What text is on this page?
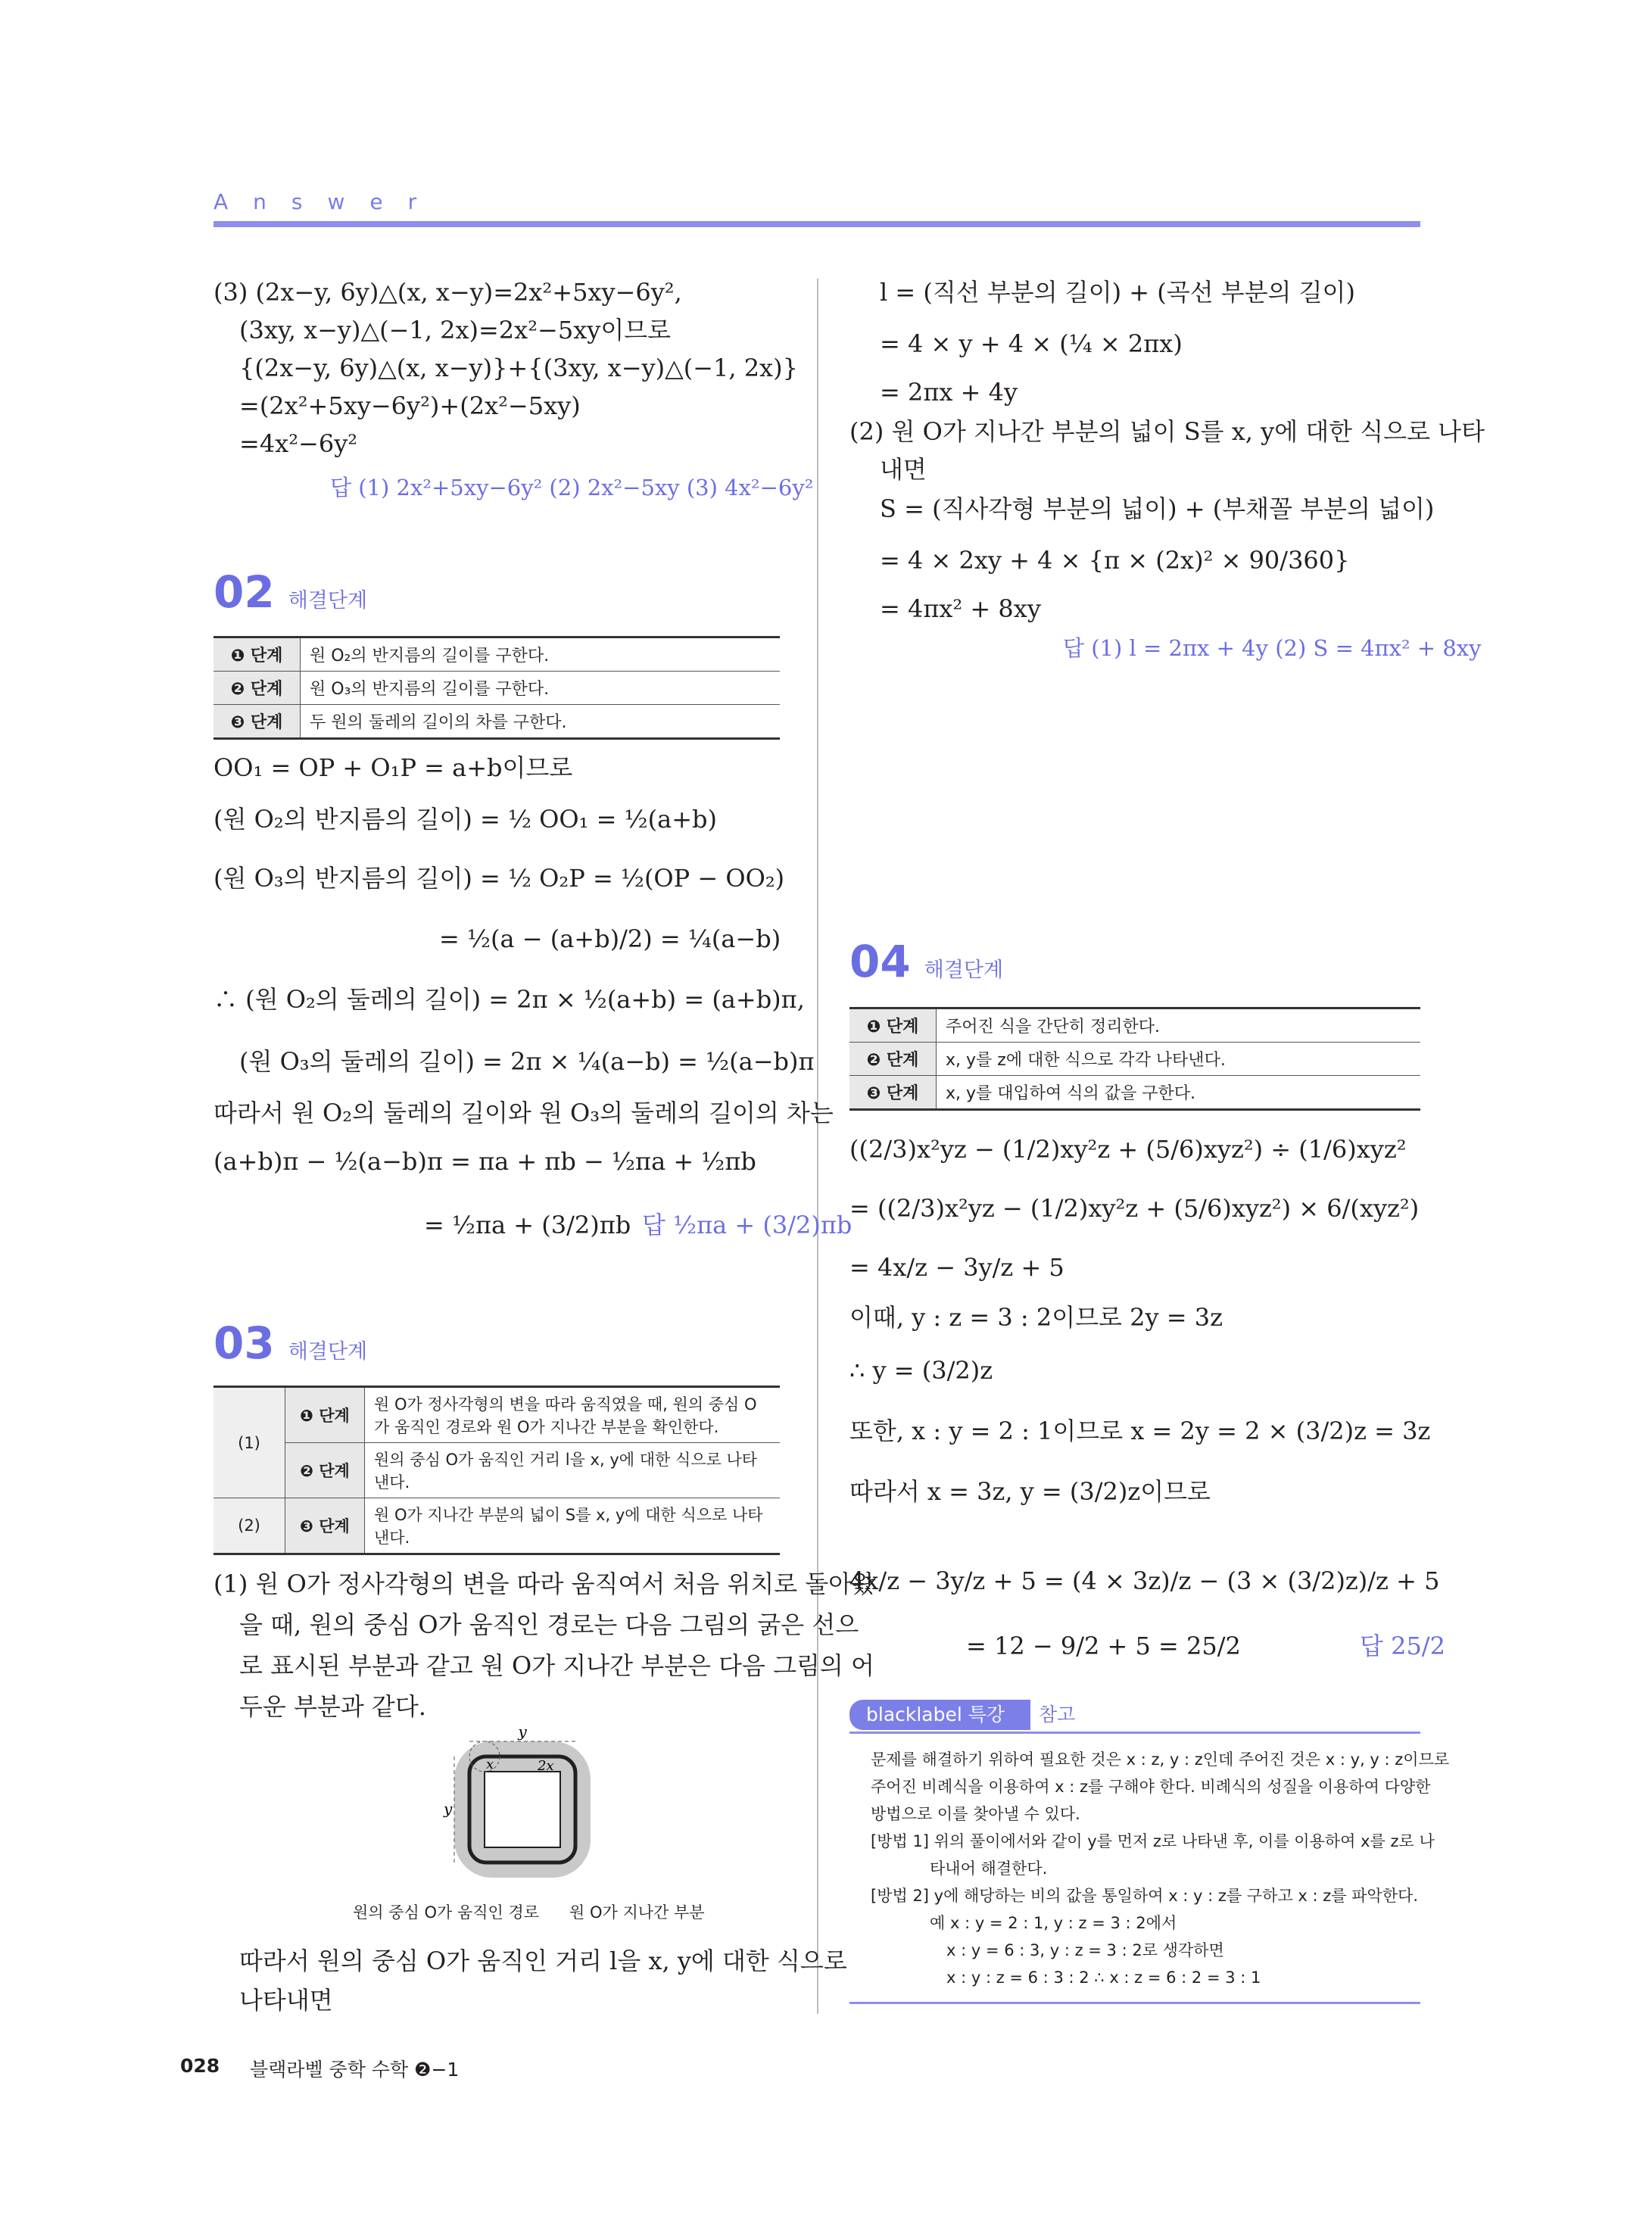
Answer
(3) (2x−y, 6y)△(x, x−y)=2x²+5xy−6y²,
(3xy, x−y)△(−1, 2x)=2x²−5xy이므로
{(2x−y, 6y)△(x, x−y)}+{(3xy, x−y)△(−1, 2x)}
=(2x²+5xy−6y²)+(2x²−5xy)
=4x²−6y²
답 (1) 2x²+5xy−6y² (2) 2x²−5xy (3) 4x²−6y²
02 해결단계
❶ 단계	원 O₂의 반지름의 길이를 구한다.
❷ 단계	원 O₃의 반지름의 길이를 구한다.
❸ 단계	두 원의 둘레의 길이의 차를 구한다.
OO₁ = OP + O₁P = a+b이므로
(원 O₂의 반지름의 길이) = ½ OO₁ = ½(a+b)
(원 O₃의 반지름의 길이) = ½ O₂P = ½(OP − OO₂)
= ½(a − (a+b)/2) = ¼(a−b)
∴ (원 O₂의 둘레의 길이) = 2π × ½(a+b) = (a+b)π,
(원 O₃의 둘레의 길이) = 2π × ¼(a−b) = ½(a−b)π
따라서 원 O₂의 둘레의 길이와 원 O₃의 둘레의 길이의 차는
(a+b)π − ½(a−b)π = πa + πb − ½πa + ½πb
= ½πa + (3/2)πb 답 ½πa + (3/2)πb
03 해결단계
(1)	❶ 단계	원 O가 정사각형의 변을 따라 움직였을 때, 원의 중심 O가 움직인 경로와 원 O가 지나간 부분을 확인한다.
	❷ 단계	원의 중심 O가 움직인 거리 l을 x, y에 대한 식으로 나타낸다.
(2)	❸ 단계	원 O가 지나간 부분의 넓이 S를 x, y에 대한 식으로 나타낸다.
(1) 원 O가 정사각형의 변을 따라 움직여서 처음 위치로 돌아왔
을 때, 원의 중심 O가 움직인 경로는 다음 그림의 굵은 선으
로 표시된 부분과 같고 원 O가 지나간 부분은 다음 그림의 어
두운 부분과 같다.
y
y
x	2x
원의 중심 O가 움직인 경로 원 O가 지나간 부분
따라서 원의 중심 O가 움직인 거리 l을 x, y에 대한 식으로
나타내면
l = (직선 부분의 길이) + (곡선 부분의 길이)
= 4 × y + 4 × (¼ × 2πx)
= 2πx + 4y
(2) 원 O가 지나간 부분의 넓이 S를 x, y에 대한 식으로 나타
내면
S = (직사각형 부분의 넓이) + (부채꼴 부분의 넓이)
= 4 × 2xy + 4 × {π × (2x)² × 90/360}
= 4πx² + 8xy
답 (1) l = 2πx + 4y (2) S = 4πx² + 8xy
04 해결단계
❶ 단계	주어진 식을 간단히 정리한다.
❷ 단계	x, y를 z에 대한 식으로 각각 나타낸다.
❸ 단계	x, y를 대입하여 식의 값을 구한다.
((2/3)x²yz − (1/2)xy²z + (5/6)xyz²) ÷ (1/6)xyz²
= ((2/3)x²yz − (1/2)xy²z + (5/6)xyz²) × 6/(xyz²)
= 4x/z − 3y/z + 5
이때, y : z = 3 : 2이므로 2y = 3z
∴ y = (3/2)z
또한, x : y = 2 : 1이므로 x = 2y = 2 × (3/2)z = 3z
따라서 x = 3z, y = (3/2)z이므로
4x/z − 3y/z + 5 = (4 × 3z)/z − (3 × (3/2)z)/z + 5
= 12 − 9/2 + 5 = 25/2	답 25/2
blacklabel 특강	참고
문제를 해결하기 위하여 필요한 것은 x : z, y : z인데 주어진 것은 x : y, y : z이므로
주어진 비례식을 이용하여 x : z를 구해야 한다. 비례식의 성질을 이용하여 다양한
방법으로 이를 찾아낼 수 있다.
[방법 1] 위의 풀이에서와 같이 y를 먼저 z로 나타낸 후, 이를 이용하여 x를 z로 나
타내어 해결한다.
[방법 2] y에 해당하는 비의 값을 통일하여 x : y : z를 구하고 x : z를 파악한다.
예 x : y = 2 : 1, y : z = 3 : 2에서
x : y = 6 : 3, y : z = 3 : 2로 생각하면
x : y : z = 6 : 3 : 2 ∴ x : z = 6 : 2 = 3 : 1
028 블랙라벨 중학 수학 ❷−1
